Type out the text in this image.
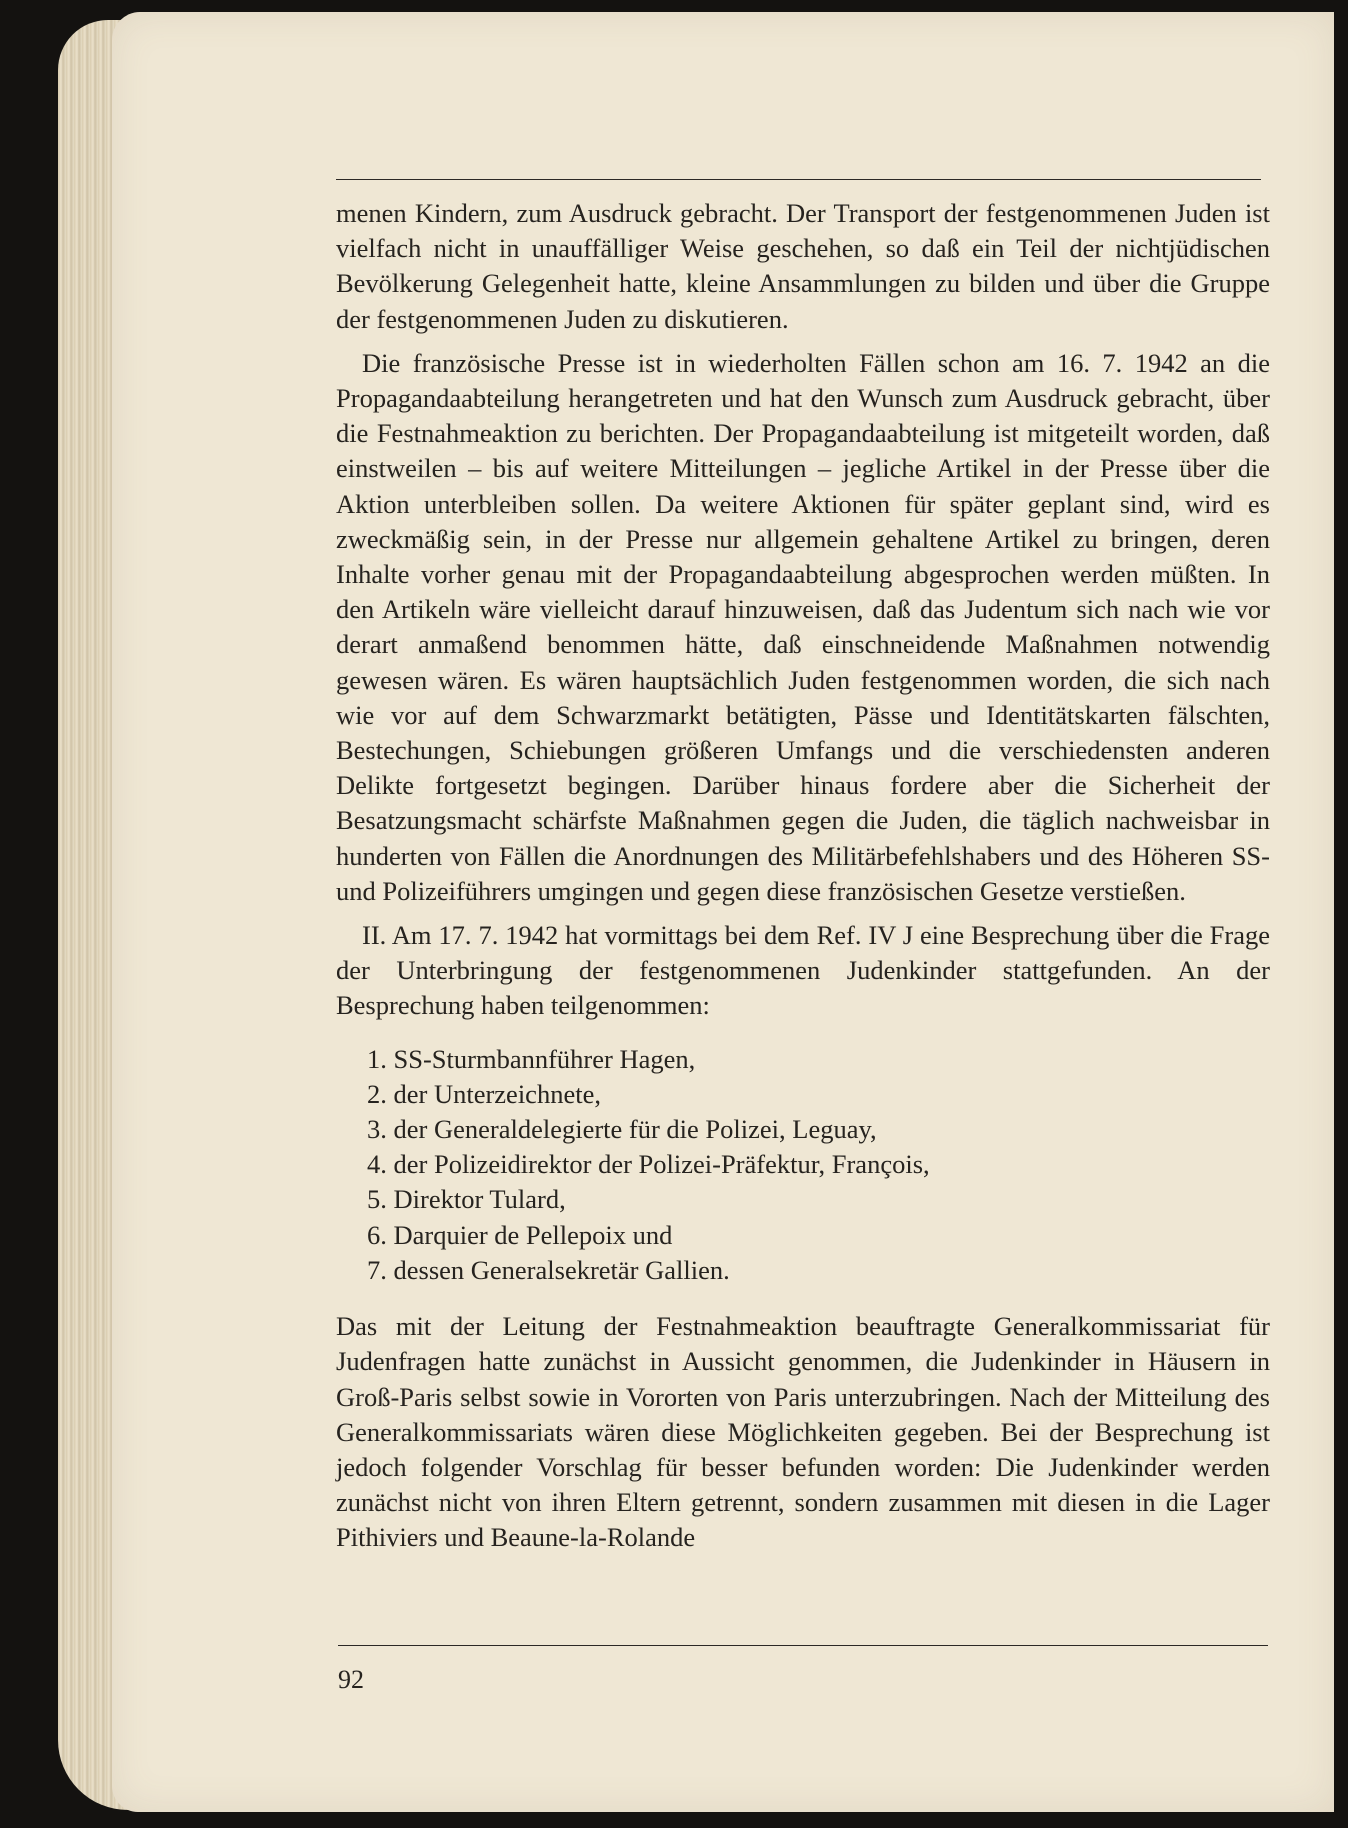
menen Kindern, zum Ausdruck gebracht. Der Transport der festgenommenen Juden ist vielfach nicht in unauffälliger Weise geschehen, so daß ein Teil der nichtjüdischen Bevölkerung Gelegenheit hatte, kleine Ansammlungen zu bilden und über die Gruppe der festgenommenen Juden zu diskutieren.

Die französische Presse ist in wiederholten Fällen schon am 16. 7. 1942 an die Propagandaabteilung herangetreten und hat den Wunsch zum Ausdruck gebracht, über die Festnahmeaktion zu berichten. Der Propagandaabteilung ist mitgeteilt worden, daß einstweilen – bis auf weitere Mitteilungen – jegliche Artikel in der Presse über die Aktion unterbleiben sollen. Da weitere Aktionen für später geplant sind, wird es zweckmäßig sein, in der Presse nur allgemein gehaltene Artikel zu bringen, deren Inhalte vorher genau mit der Propagandaabteilung abgesprochen werden müßten. In den Artikeln wäre vielleicht darauf hinzuweisen, daß das Judentum sich nach wie vor derart anmaßend benommen hätte, daß einschneidende Maßnahmen notwendig gewesen wären. Es wären hauptsächlich Juden festgenommen worden, die sich nach wie vor auf dem Schwarzmarkt betätigten, Pässe und Identitätskarten fälschten, Bestechungen, Schiebungen größeren Umfangs und die verschiedensten anderen Delikte fortgesetzt begingen. Darüber hinaus fordere aber die Sicherheit der Besatzungsmacht schärfste Maßnahmen gegen die Juden, die täglich nachweisbar in hunderten von Fällen die Anordnungen des Militärbefehlshabers und des Höheren SS- und Polizeiführers umgingen und gegen diese französischen Gesetze verstießen.

II. Am 17. 7. 1942 hat vormittags bei dem Ref. IV J eine Besprechung über die Frage der Unterbringung der festgenommenen Judenkinder stattgefunden. An der Besprechung haben teilgenommen:

1. SS-Sturmbannführer Hagen,
2. der Unterzeichnete,
3. der Generaldelegierte für die Polizei, Leguay,
4. der Polizeidirektor der Polizei-Präfektur, François,
5. Direktor Tulard,
6. Darquier de Pellepoix und
7. dessen Generalsekretär Gallien.

Das mit der Leitung der Festnahmeaktion beauftragte Generalkommissariat für Judenfragen hatte zunächst in Aussicht genommen, die Judenkinder in Häusern in Groß-Paris selbst sowie in Vororten von Paris unterzubringen. Nach der Mitteilung des Generalkommissariats wären diese Möglichkeiten gegeben. Bei der Besprechung ist jedoch folgender Vorschlag für besser befunden worden: Die Judenkinder werden zunächst nicht von ihren Eltern getrennt, sondern zusammen mit diesen in die Lager Pithiviers und Beaune-la-Rolande

92
